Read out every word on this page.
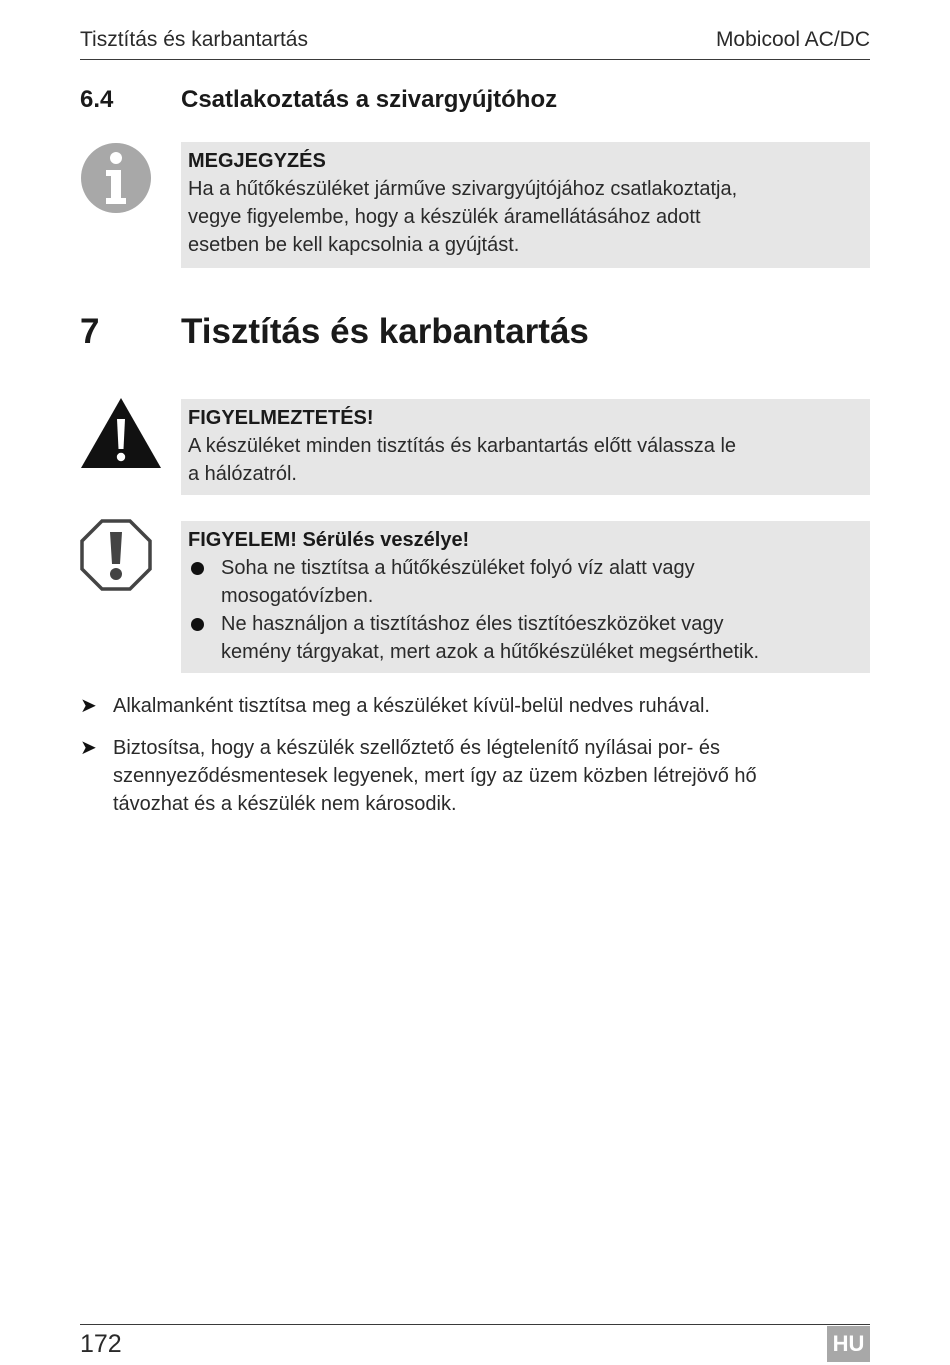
Tisztítás és karbantartás	Mobicool AC/DC
6.4	Csatlakoztatás a szivargyújtóhoz
MEGJEGYZÉS
Ha a hűtőkészüléket járműve szivargyújtójához csatlakoztatja,
vegye figyelembe, hogy a készülék áramellátásához adott
esetben be kell kapcsolnia a gyújtást.
7 Tisztítás és karbantartás
FIGYELMEZTETÉS!
A készüléket minden tisztítás és karbantartás előtt válassza le
a hálózatról.
FIGYELEM! Sérülés veszélye!
Soha ne tisztítsa a hűtőkészüléket folyó víz alatt vagy
mosogatóvízben.
Ne használjon a tisztításhoz éles tisztítóeszközöket vagy
kemény tárgyakat, mert azok a hűtőkészüléket megsérthetik.
➤ Alkalmanként tisztítsa meg a készüléket kívül-belül nedves ruhával.
➤ Biztosítsa, hogy a készülék szellőztető és légtelenítő nyílásai por- és
szennyeződésmentesek legyenek, mert így az üzem közben létrejövő hő
távozhat és a készülék nem károsodik.
172	HU
